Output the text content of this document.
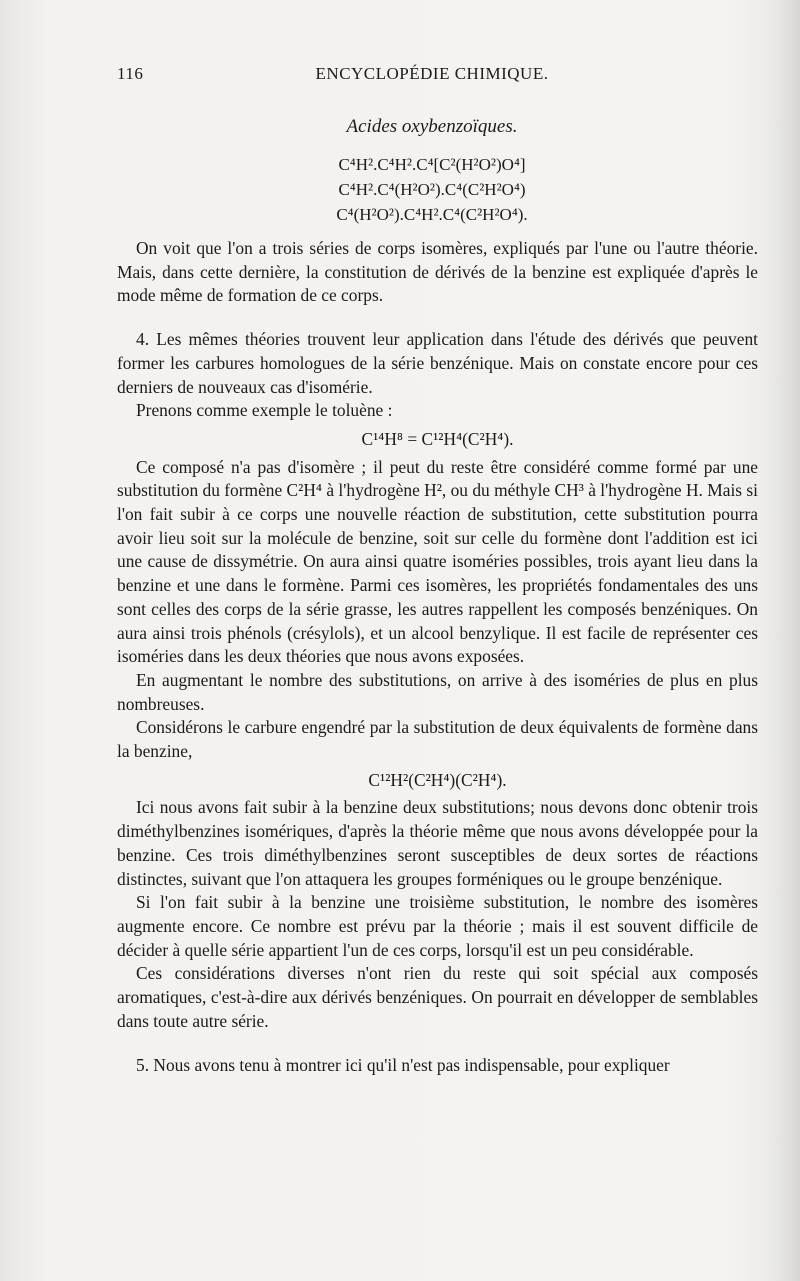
116	ENCYCLOPÉDIE CHIMIQUE.
Acides oxybenzoïques.
C⁴H².C⁴H².C⁴[C²(H²O²)O⁴]
C⁴H².C⁴(H²O²).C⁴(C²H²O⁴)
C⁴(H²O²).C⁴H².C⁴(C²H²O⁴).

On voit que l'on a trois séries de corps isomères, expliqués par l'une ou l'autre théorie. Mais, dans cette dernière, la constitution de dérivés de la benzine est expliquée d'après le mode même de formation de ce corps.

4. Les mêmes théories trouvent leur application dans l'étude des dérivés que peuvent former les carbures homologues de la série benzénique. Mais on constate encore pour ces derniers de nouveaux cas d'isomérie.

Prenons comme exemple le toluène :

C¹⁴H⁸ = C¹²H⁴(C²H⁴).

Ce composé n'a pas d'isomère ; il peut du reste être considéré comme formé par une substitution du formène C²H⁴ à l'hydrogène H², ou du méthyle CH³ à l'hydrogène H. Mais si l'on fait subir à ce corps une nouvelle réaction de substitution, cette substitution pourra avoir lieu soit sur la molécule de benzine, soit sur celle du formène dont l'addition est ici une cause de dissymétrie. On aura ainsi quatre isoméries possibles, trois ayant lieu dans la benzine et une dans le formène. Parmi ces isomères, les propriétés fondamentales des uns sont celles des corps de la série grasse, les autres rappellent les composés benzéniques. On aura ainsi trois phénols (crésylols), et un alcool benzylique. Il est facile de représenter ces isoméries dans les deux théories que nous avons exposées.

En augmentant le nombre des substitutions, on arrive à des isoméries de plus en plus nombreuses.

Considérons le carbure engendré par la substitution de deux équivalents de formène dans la benzine,

C¹²H²(C²H⁴)(C²H⁴).

Ici nous avons fait subir à la benzine deux substitutions; nous devons donc obtenir trois diméthylbenzines isomériques, d'après la théorie même que nous avons développée pour la benzine. Ces trois diméthylbenzines seront susceptibles de deux sortes de réactions distinctes, suivant que l'on attaquera les groupes forméniques ou le groupe benzénique.

Si l'on fait subir à la benzine une troisième substitution, le nombre des isomères augmente encore. Ce nombre est prévu par la théorie ; mais il est souvent difficile de décider à quelle série appartient l'un de ces corps, lorsqu'il est un peu considérable.

Ces considérations diverses n'ont rien du reste qui soit spécial aux composés aromatiques, c'est-à-dire aux dérivés benzéniques. On pourrait en développer de semblables dans toute autre série.

5. Nous avons tenu à montrer ici qu'il n'est pas indispensable, pour expliquer
